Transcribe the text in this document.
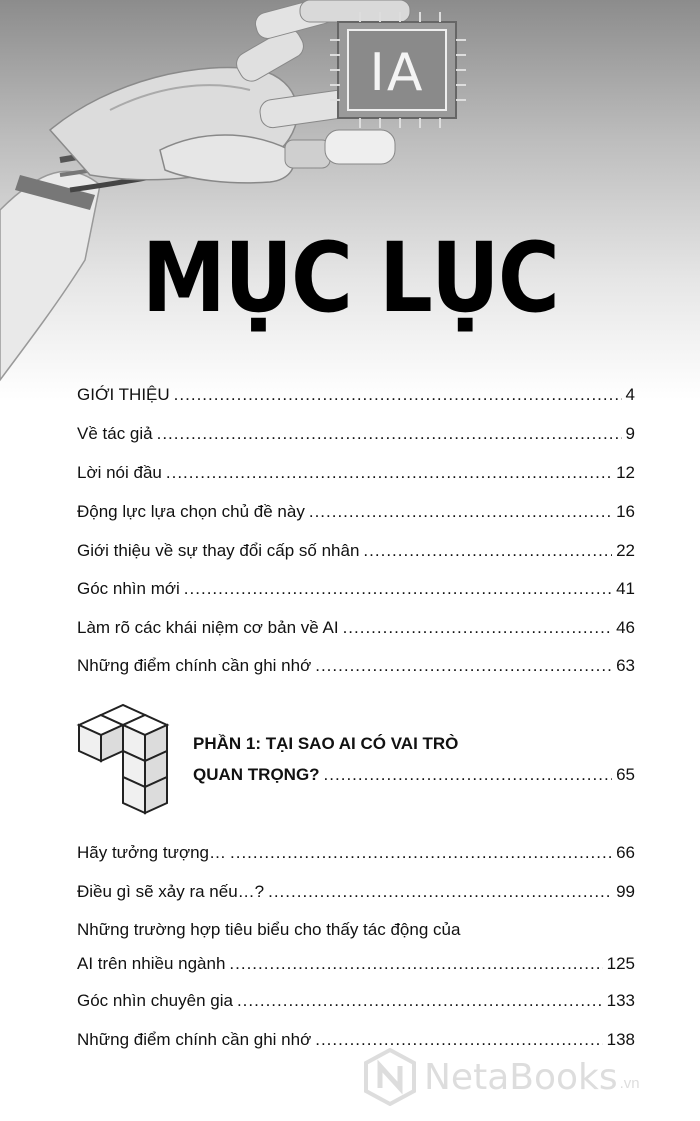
IA
MỤC LỤC
GIỚI THIỆU .....	4
Về tác giả .....	9
Lời nói đầu .....	12
Động lực lựa chọn chủ đề này .....	16
Giới thiệu về sự thay đổi cấp số nhân .....	22
Góc nhìn mới .....	41
Làm rõ các khái niệm cơ bản về AI .....	46
Những điểm chính cần ghi nhớ .....	63
PHẦN 1: TẠI SAO AI CÓ VAI TRÒ
QUAN TRỌNG? .....	65
Hãy tưởng tượng… .....	66
Điều gì sẽ xảy ra nếu…? .....	99
Những trường hợp tiêu biểu cho thấy tác động của
AI trên nhiều ngành .....	125
Góc nhìn chuyên gia .....	133
Những điểm chính cần ghi nhớ .....	138
NetaBooks .vn
